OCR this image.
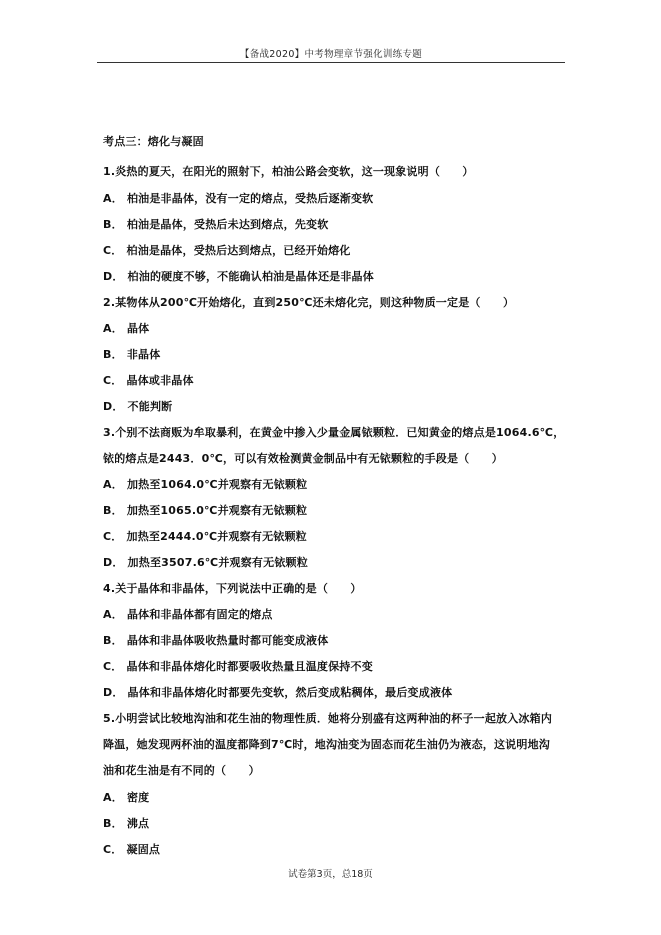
【备战2020】中考物理章节强化训练专题
考点三：熔化与凝固
1.炎热的夏天，在阳光的照射下，柏油公路会变软，这一现象说明（　　）
A． 柏油是非晶体，没有一定的熔点，受热后逐渐变软
B． 柏油是晶体，受热后未达到熔点，先变软
C． 柏油是晶体，受热后达到熔点，已经开始熔化
D． 柏油的硬度不够，不能确认柏油是晶体还是非晶体
2.某物体从200℃开始熔化，直到250℃还未熔化完，则这种物质一定是（　　）
A． 晶体
B． 非晶体
C． 晶体或非晶体
D． 不能判断
3.个别不法商贩为牟取暴利，在黄金中掺入少量金属铱颗粒．已知黄金的熔点是1064.6℃，
铱的熔点是2443．0℃，可以有效检测黄金制品中有无铱颗粒的手段是（　　）
A． 加热至1064.0℃并观察有无铱颗粒
B． 加热至1065.0℃并观察有无铱颗粒
C． 加热至2444.0℃并观察有无铱颗粒
D． 加热至3507.6℃并观察有无铱颗粒
4.关于晶体和非晶体，下列说法中正确的是（　　）
A． 晶体和非晶体都有固定的熔点
B． 晶体和非晶体吸收热量时都可能变成液体
C． 晶体和非晶体熔化时都要吸收热量且温度保持不变
D． 晶体和非晶体熔化时都要先变软，然后变成粘稠体，最后变成液体
5.小明尝试比较地沟油和花生油的物理性质．她将分别盛有这两种油的杯子一起放入冰箱内
降温，她发现两杯油的温度都降到7℃时，地沟油变为固态而花生油仍为液态，这说明地沟
油和花生油是有不同的（　　）
A． 密度
B． 沸点
C． 凝固点
试卷第3页，总18页
